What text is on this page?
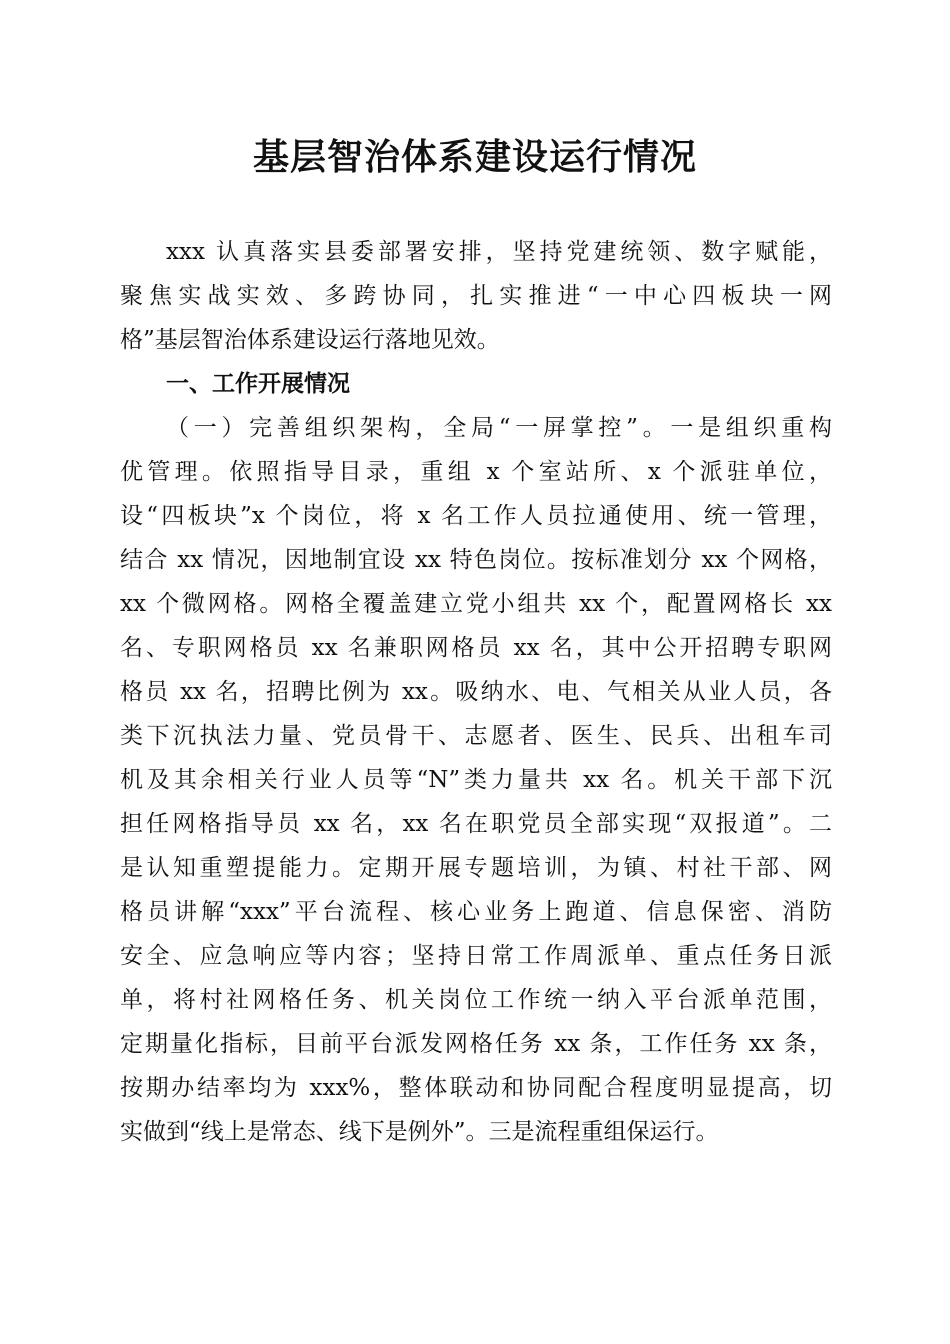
基层智治体系建设运行情况
xxx 认真落实县委部署安排，坚持党建统领、数字赋能，
聚焦实战实效、多跨协同，扎实推进“一中心四板块一网
格”基层智治体系建设运行落地见效。
一、工作开展情况
（一）完善组织架构，全局“一屏掌控”。一是组织重构
优管理。依照指导目录，重组 x 个室站所、x 个派驻单位，
设“四板块”x 个岗位，将 x 名工作人员拉通使用、统一管理，
结合 xx 情况，因地制宜设 xx 特色岗位。按标准划分 xx 个网格，
xx 个微网格。网格全覆盖建立党小组共 xx 个，配置网格长 xx
名、专职网格员 xx 名兼职网格员 xx 名，其中公开招聘专职网
格员 xx 名，招聘比例为 xx。吸纳水、电、气相关从业人员，各
类下沉执法力量、党员骨干、志愿者、医生、民兵、出租车司
机及其余相关行业人员等“N”类力量共 xx 名。机关干部下沉
担任网格指导员 xx 名，xx 名在职党员全部实现“双报道”。二
是认知重塑提能力。定期开展专题培训，为镇、村社干部、网
格员讲解“xxx”平台流程、核心业务上跑道、信息保密、消防
安全、应急响应等内容；坚持日常工作周派单、重点任务日派
单，将村社网格任务、机关岗位工作统一纳入平台派单范围，
定期量化指标，目前平台派发网格任务 xx 条，工作任务 xx 条，
按期办结率均为 xxx%，整体联动和协同配合程度明显提高，切
实做到“线上是常态、线下是例外”。三是流程重组保运行。
